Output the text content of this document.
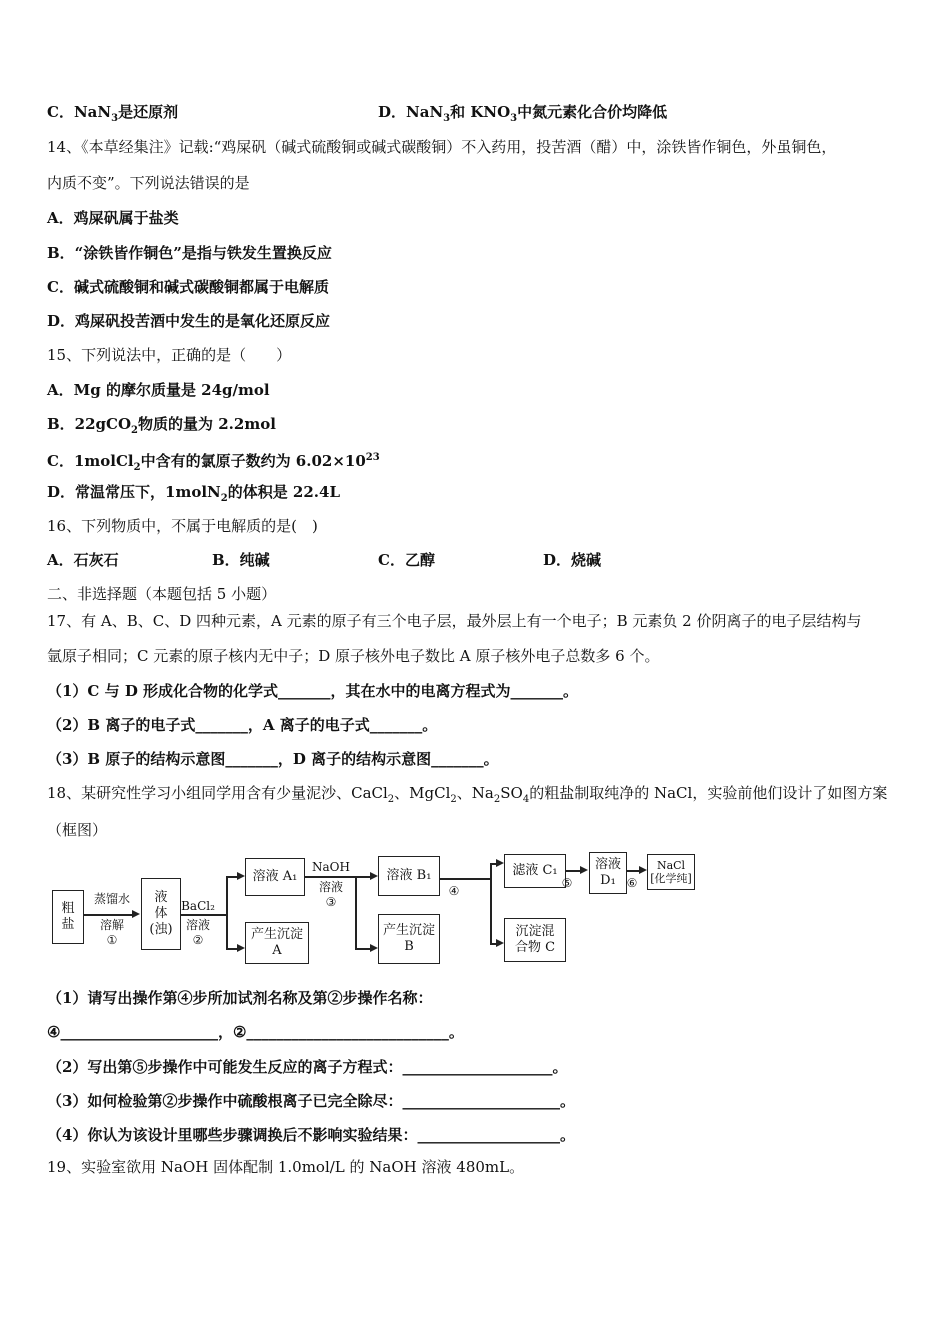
C．NaN$_3$是还原剂	D．NaN$_3$和 $KNO_3$中氮元素化合价均降低
14、《本草经集注》记载:“鸡屎矾（碱式硫酸铜或碱式碳酸铜）不入药用，投苦酒（醋）中，涂铁皆作铜色，外虽铜色，
内质不变”。下列说法错误的是
A．鸡屎矾属于盐类
B．“涂铁皆作铜色”是指与铁发生置换反应
C．碱式硫酸铜和碱式碳酸铜都属于电解质
D．鸡屎矾投苦酒中发生的是氧化还原反应
15、下列说法中，正确的是（　　）
A．Mg 的摩尔质量是 24g/mol
B．22gCO$_2$物质的量为 2.2mol
C．1molCl$_2$中含有的氯原子数约为 $6.02\times 10^{23}$
D．常温常压下，1molN$_2$的体积是 22.4L
16、下列物质中，不属于电解质的是(　)
A．石灰石	B．纯碱	C．乙醇	D．烧碱
二、非选择题（本题包括 5 小题）
17、有 A、B、C、D 四种元素，A 元素的原子有三个电子层，最外层上有一个电子；B 元素负 2 价阴离子的电子层结构与
氩原子相同；C 元素的原子核内无中子；D 原子核外电子数比 A 原子核外电子总数多 6 个。
（1）C 与 D 形成化合物的化学式_______，其在水中的电离方程式为_______。
（2）B 离子的电子式_______，A 离子的电子式_______。
（3）B 原子的结构示意图_______，D 离子的结构示意图_______。
18、某研究性学习小组同学用含有少量泥沙、CaCl$_2$、MgCl$_2$、$Na_2SO_4$的粗盐制取纯净的 NaCl，实验前他们设计了如图方案
（框图）
（1）请写出操作第④步所加试剂名称及第②步操作名称：
④_____________________，②___________________________。
（2）写出第⑤步操作中可能发生反应的离子方程式：____________________。
（3）如何检验第②步操作中硫酸根离子已完全除尽：_____________________。
（4）你认为该设计里哪些步骤调换后不影响实验结果：___________________。
19、实验室欲用 NaOH 固体配制 1.0mol/L 的 NaOH 溶液 480mL。
粗
盐
蒸馏水
溶解
①
液
体
(浊)
BaCl₂
溶液
②
溶液 A₁
产生沉淀
A
NaOH
溶液
③
溶液 B₁
产生沉淀
B
④
滤液 C₁
沉淀混
合物 C
⑤
溶液
D₁ ⑥
NaCl
[化学纯]
